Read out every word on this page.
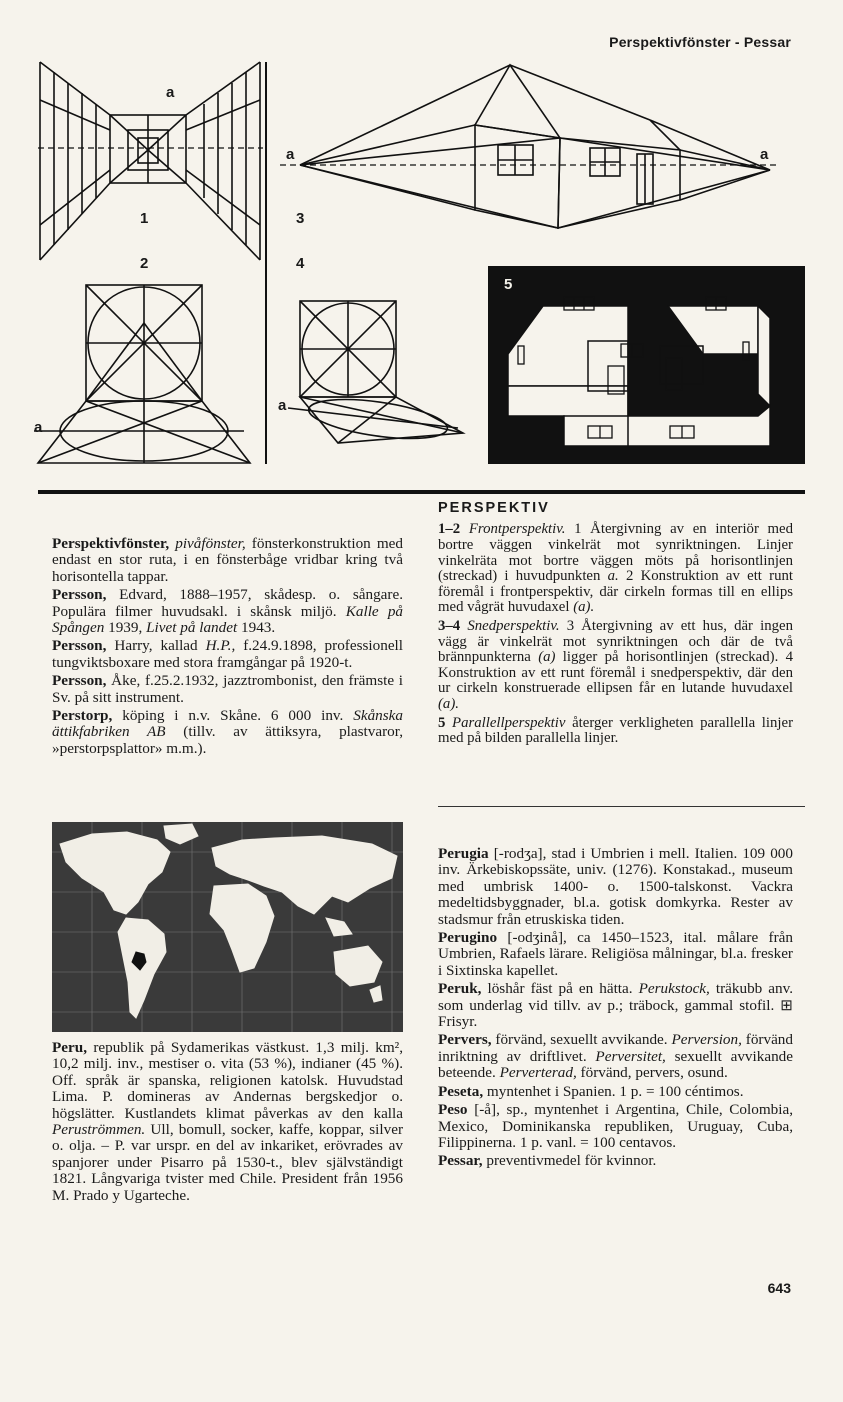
Perspektivfönster - Pessar
a
1
2
a
a	a
3
4
a
5
PERSPEKTIV

1–2 Frontperspektiv. 1 Återgivning av en interiör med bortre väggen vinkelrät mot synriktningen. Linjer vinkelräta mot bortre väggen möts på horisontlinjen (streckad) i huvudpunkten a. 2 Konstruktion av ett runt föremål i frontperspektiv, där cirkeln formas till en ellips med vågrät huvudaxel (a).

3–4 Snedperspektiv. 3 Återgivning av ett hus, där ingen vägg är vinkelrät mot synriktningen och där de två brännpunkterna (a) ligger på horisontlinjen (streckad). 4 Konstruktion av ett runt föremål i snedperspektiv, där den ur cirkeln konstruerade ellipsen får en lutande huvudaxel (a).

5 Parallellperspektiv återger verkligheten parallella linjer med på bilden parallella linjer.

Perspektivfönster, pivåfönster, fönsterkonstruktion med endast en stor ruta, i en fönsterbåge vridbar kring två horisontella tappar.

Persson, Edvard, 1888–1957, skådesp. o. sångare. Populära filmer huvudsakl. i skånsk miljö. Kalle på Spången 1939, Livet på landet 1943.

Persson, Harry, kallad H.P., f.24.9.1898, professionell tungviktsboxare med stora framgångar på 1920-t.

Persson, Åke, f.25.2.1932, jazztrombonist, den främste i Sv. på sitt instrument.

Perstorp, köping i n.v. Skåne. 6 000 inv. Skånska ättikfabriken AB (tillv. av ättiksyra, plastvaror, »perstorpsplattor» m.m.).

Peru, republik på Sydamerikas västkust. 1,3 milj. km², 10,2 milj. inv., mestiser o. vita (53 %), indianer (45 %). Off. språk är spanska, religionen katolsk. Huvudstad Lima. P. domineras av Andernas bergskedjor o. högslätter. Kustlandets klimat påverkas av den kalla Peruströmmen. Ull, bomull, socker, kaffe, koppar, silver o. olja. – P. var urspr. en del av inkariket, erövrades av spanjorer under Pisarro på 1530-t., blev självständigt 1821. Långvariga tvister med Chile. President från 1956 M. Prado y Ugarteche.

Perugia [-rodʒa], stad i Umbrien i mell. Italien. 109 000 inv. Ärkebiskopssäte, univ. (1276). Konstakad., museum med umbrisk 1400- o. 1500-talskonst. Vackra medeltidsbyggnader, bl.a. gotisk domkyrka. Rester av stadsmur från etruskiska tiden.

Perugino [-odʒinå], ca 1450–1523, ital. målare från Umbrien, Rafaels lärare. Religiösa målningar, bl.a. fresker i Sixtinska kapellet.

Peruk, löshår fäst på en hätta. Perukstock, träkubb anv. som underlag vid tillv. av p.; träbock, gammal stofil. ⊞ Frisyr.

Pervers, förvänd, sexuellt avvikande. Perversion, förvänd inriktning av driftlivet. Perversitet, sexuellt avvikande beteende. Perverterad, förvänd, pervers, osund.

Peseta, myntenhet i Spanien. 1 p. = 100 céntimos.

Peso [-å], sp., myntenhet i Argentina, Chile, Colombia, Mexico, Dominikanska republiken, Uruguay, Cuba, Filippinerna. 1 p. vanl. = 100 centavos.

Pessar, preventivmedel för kvinnor.

643
